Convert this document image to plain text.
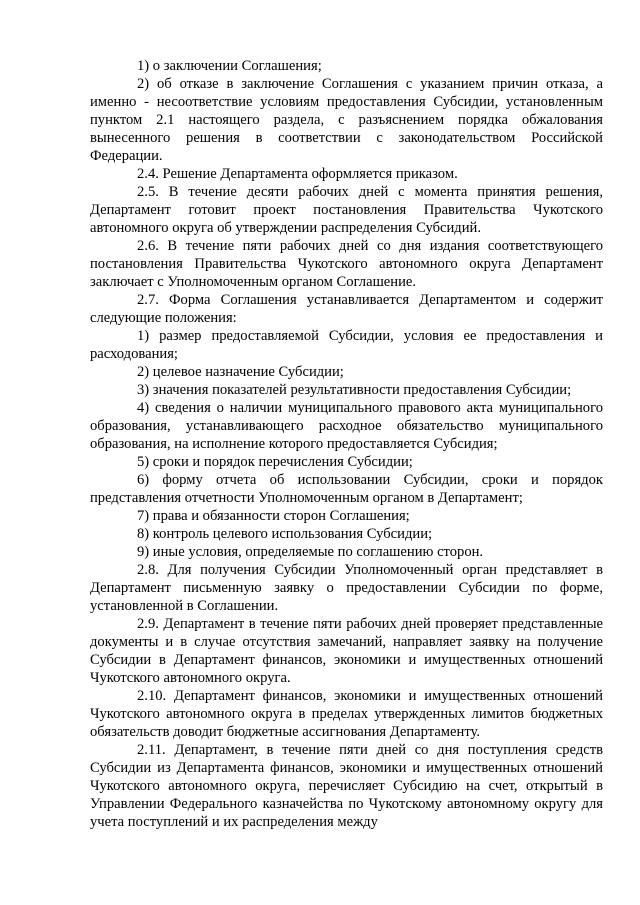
1) о заключении Соглашения;

2) об отказе в заключение Соглашения с указанием причин отказа, а именно - несоответствие условиям предоставления Субсидии, установленным пунктом 2.1 настоящего раздела, с разъяснением порядка обжалования вынесенного решения в соответствии с законодательством Российской Федерации.

2.4. Решение Департамента оформляется приказом.

2.5. В течение десяти рабочих дней с момента принятия решения, Департамент готовит проект постановления Правительства Чукотского автономного округа об утверждении распределения Субсидий.

2.6. В течение пяти рабочих дней со дня издания соответствующего постановления Правительства Чукотского автономного округа Департамент заключает с Уполномоченным органом Соглашение.

2.7. Форма Соглашения устанавливается Департаментом и содержит следующие положения:

1) размер предоставляемой Субсидии, условия ее предоставления и расходования;

2) целевое назначение Субсидии;

3) значения показателей результативности предоставления Субсидии;

4) сведения о наличии муниципального правового акта муниципального образования, устанавливающего расходное обязательство муниципального образования, на исполнение которого предоставляется Субсидия;

5) сроки и порядок перечисления Субсидии;

6) форму отчета об использовании Субсидии, сроки и порядок представления отчетности Уполномоченным органом в Департамент;

7) права и обязанности сторон Соглашения;

8) контроль целевого использования Субсидии;

9) иные условия, определяемые по соглашению сторон.

2.8. Для получения Субсидии Уполномоченный орган представляет в Департамент письменную заявку о предоставлении Субсидии по форме, установленной в Соглашении.

2.9. Департамент в течение пяти рабочих дней проверяет представленные документы и в случае отсутствия замечаний, направляет заявку на получение Субсидии в Департамент финансов, экономики и имущественных отношений Чукотского автономного округа.

2.10. Департамент финансов, экономики и имущественных отношений Чукотского автономного округа в пределах утвержденных лимитов бюджетных обязательств доводит бюджетные ассигнования Департаменту.

2.11. Департамент, в течение пяти дней со дня поступления средств Субсидии из Департамента финансов, экономики и имущественных отношений Чукотского автономного округа, перечисляет Субсидию на счет, открытый в Управлении Федерального казначейства по Чукотскому автономному округу для учета поступлений и их распределения между
